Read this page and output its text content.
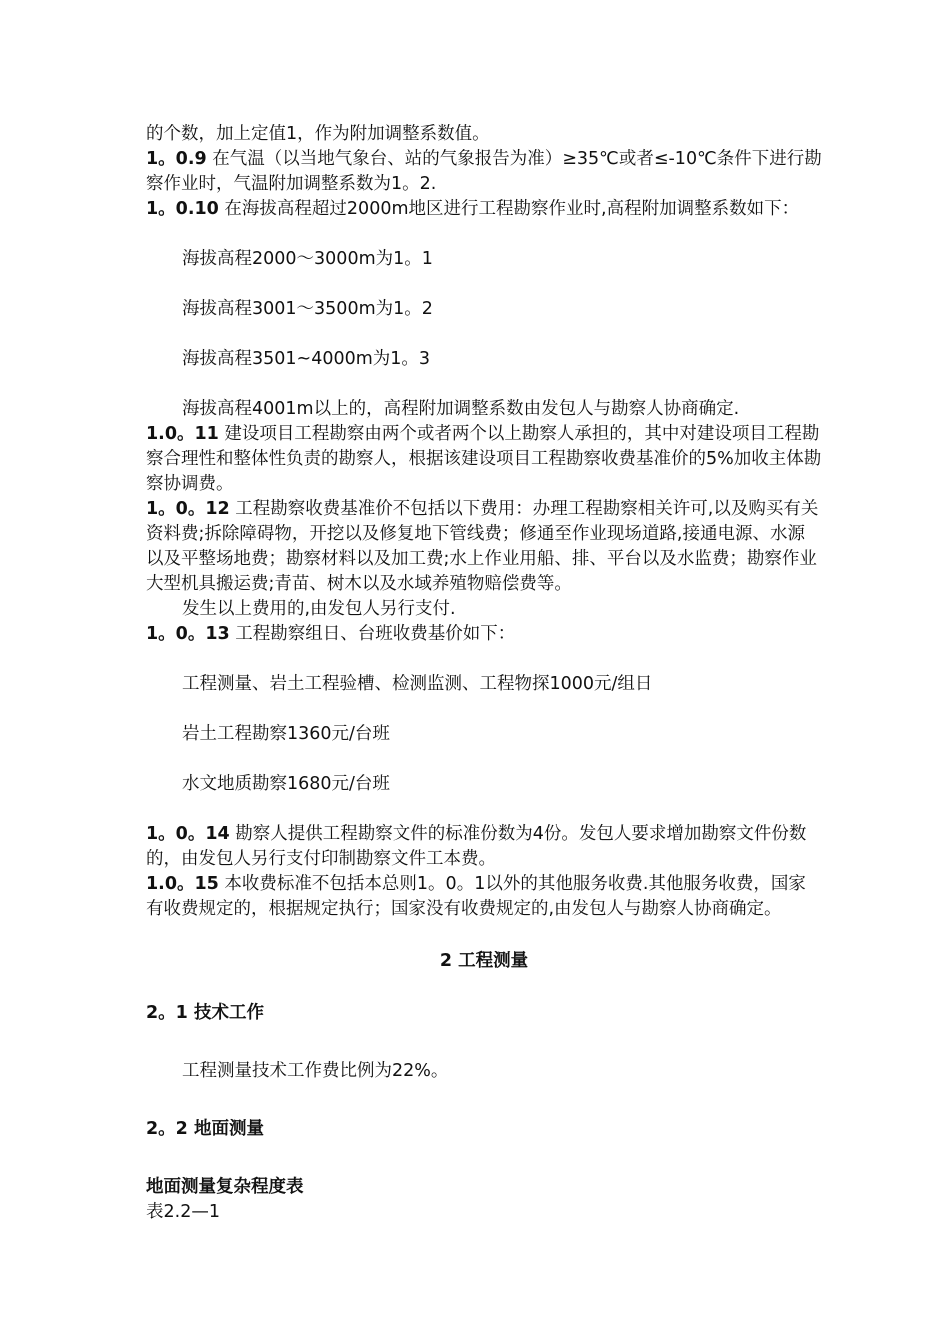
的个数，加上定值1，作为附加调整系数值。

1。0.9 在气温（以当地气象台、站的气象报告为准）≥35℃或者≤-10℃条件下进行勘察作业时，气温附加调整系数为1。2.

1。0.10 在海拔高程超过2000m地区进行工程勘察作业时,高程附加调整系数如下：

海拔高程2000～3000m为1。1

海拔高程3001～3500m为1。2

海拔高程3501~4000m为1。3

海拔高程4001m以上的，高程附加调整系数由发包人与勘察人协商确定.

1.0。11 建设项目工程勘察由两个或者两个以上勘察人承担的，其中对建设项目工程勘察合理性和整体性负责的勘察人，根据该建设项目工程勘察收费基准价的5%加收主体勘察协调费。

1。0。12 工程勘察收费基准价不包括以下费用：办理工程勘察相关许可,以及购买有关资料费;拆除障碍物，开挖以及修复地下管线费；修通至作业现场道路,接通电源、水源以及平整场地费；勘察材料以及加工费;水上作业用船、排、平台以及水监费；勘察作业大型机具搬运费;青苗、树木以及水域养殖物赔偿费等。

发生以上费用的,由发包人另行支付.

1。0。13 工程勘察组日、台班收费基价如下：

工程测量、岩土工程验槽、检测监测、工程物探1000元/组日

岩土工程勘察1360元/台班

水文地质勘察1680元/台班

1。0。14 勘察人提供工程勘察文件的标准份数为4份。发包人要求增加勘察文件份数的，由发包人另行支付印制勘察文件工本费。

1.0。15 本收费标准不包括本总则1。0。1以外的其他服务收费.其他服务收费，国家有收费规定的，根据规定执行；国家没有收费规定的,由发包人与勘察人协商确定。

2 工程测量
2。1 技术工作

工程测量技术工作费比例为22%。

2。2 地面测量
地面测量复杂程度表

表2.2—1
